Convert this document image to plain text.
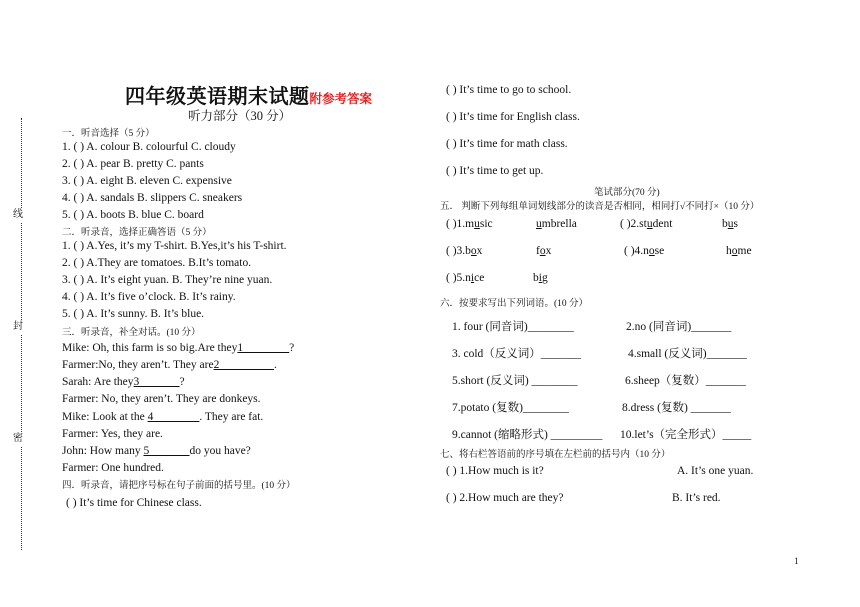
线
封
密
四年级英语期末试题附参考答案
听力部分（30 分）
一．听音选择（5 分）
1. ( ) A. colour B. colourful C. cloudy
2. ( ) A. pear B. pretty C. pants
3. ( ) A. eight B. eleven C. expensive
4. ( ) A. sandals B. slippers C. sneakers
5. ( ) A. boots B. blue C. board
二．听录音，选择正确答语（5 分）
1. ( ) A.Yes, it’s my T-shirt. B.Yes,it’s his T-shirt.
2. ( ) A.They are tomatoes. B.It’s tomato.
3. ( ) A. It’s eight yuan. B. They’re nine yuan.
4. ( ) A. It’s five o’clock. B. It’s rainy.
5. ( ) A. It’s sunny. B. It’s blue.
三．听录音，补全对话。(10 分）
Mike: Oh, this farm is so big.Are they1________?
Farmer:No, they aren’t. They are2___ ______.
Sarah: Are they3_______?
Farmer: No, they aren’t. They are donkeys.
Mike: Look at the 4________. They are fat.
Farmer: Yes, they are.
John: How many 5_______do you have?
Farmer: One hundred.
四．听录音，请把序号标在句子前面的括号里。(10 分）
( ) It’s time for Chinese class.
( ) It’s time to go to school.
( ) It’s time for English class.
( ) It’s time for math class.
( ) It’s time to get up.
笔试部分(70 分)
五． 判断下列每组单词划线部分的读音是否相同，相同打√不同打×（10 分）
( )1.music	umbrella	( )2.student	bus
( )3.box	fox	( )4.nose	home
( )5.nice	big
六．按要求写出下列词语。(10 分）
1. four (同音词)________	2.no (同音词)_______
3. cold（反义词）_______	4.small (反义词)_______
5.short (反义词) ________	6.sheep（复数）_______
7.potato (复数)________	8.dress (复数) _______
9.cannot (缩略形式) _________ 10.let’s（完全形式）_____
七、将右栏答语前的序号填在左栏前的括号内（10 分）
( ) 1.How much is it?	A. It’s one yuan.
( ) 2.How much are they?	B. It’s red.
1
